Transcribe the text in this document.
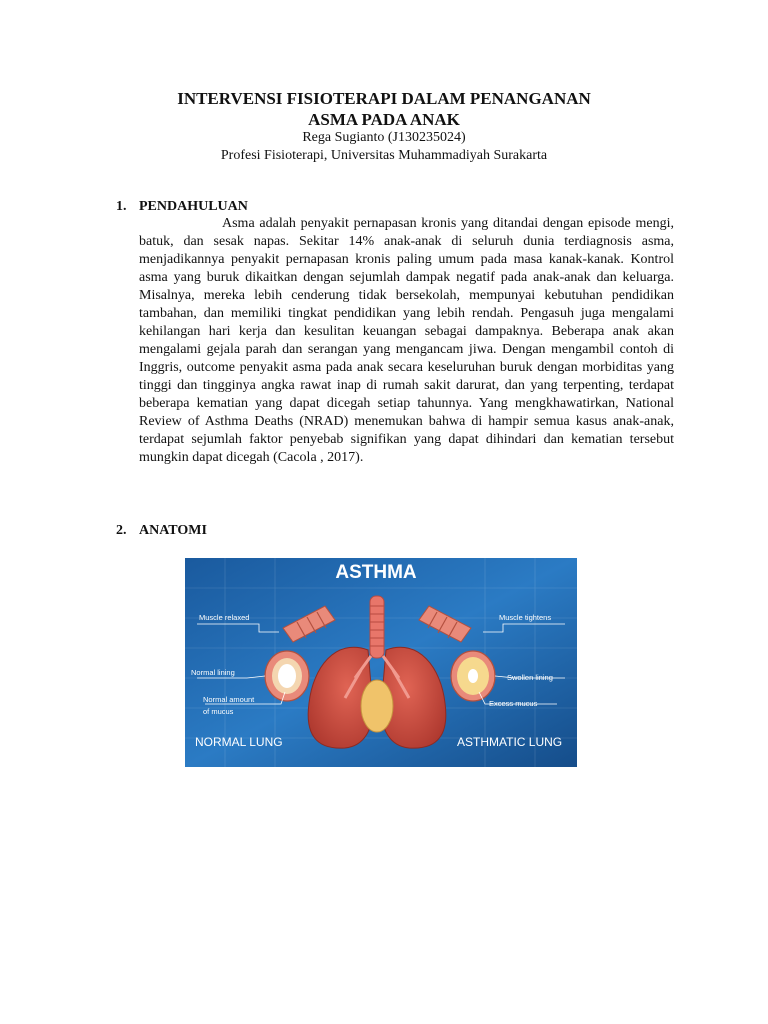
INTERVENSI FISIOTERAPI DALAM PENANGANAN
ASMA PADA ANAK
Rega Sugianto (J130235024)
Profesi Fisioterapi, Universitas Muhammadiyah Surakarta
1. PENDAHULUAN

Asma adalah penyakit pernapasan kronis yang ditandai dengan episode mengi, batuk, dan sesak napas. Sekitar 14% anak-anak di seluruh dunia terdiagnosis asma, menjadikannya penyakit pernapasan kronis paling umum pada masa kanak-kanak. Kontrol asma yang buruk dikaitkan dengan sejumlah dampak negatif pada anak-anak dan keluarga. Misalnya, mereka lebih cenderung tidak bersekolah, mempunyai kebutuhan pendidikan tambahan, dan memiliki tingkat pendidikan yang lebih rendah. Pengasuh juga mengalami kehilangan hari kerja dan kesulitan keuangan sebagai dampaknya. Beberapa anak akan mengalami gejala parah dan serangan yang mengancam jiwa. Dengan mengambil contoh di Inggris, outcome penyakit asma pada anak secara keseluruhan buruk dengan morbiditas yang tinggi dan tingginya angka rawat inap di rumah sakit darurat, dan yang terpenting, terdapat beberapa kematian yang dapat dicegah setiap tahunnya. Yang mengkhawatirkan, National Review of Asthma Deaths (NRAD) menemukan bahwa di hampir semua kasus anak-anak, terdapat sejumlah faktor penyebab signifikan yang dapat dihindari dan kematian tersebut mungkin dapat dicegah (Cacola , 2017).

2. ANATOMI
ASTHMA
Muscle relaxed
Normal lining
Normal amount
of mucus
NORMAL LUNG
Muscle tightens
Swollen lining
Excess mucus
ASTHMATIC LUNG
